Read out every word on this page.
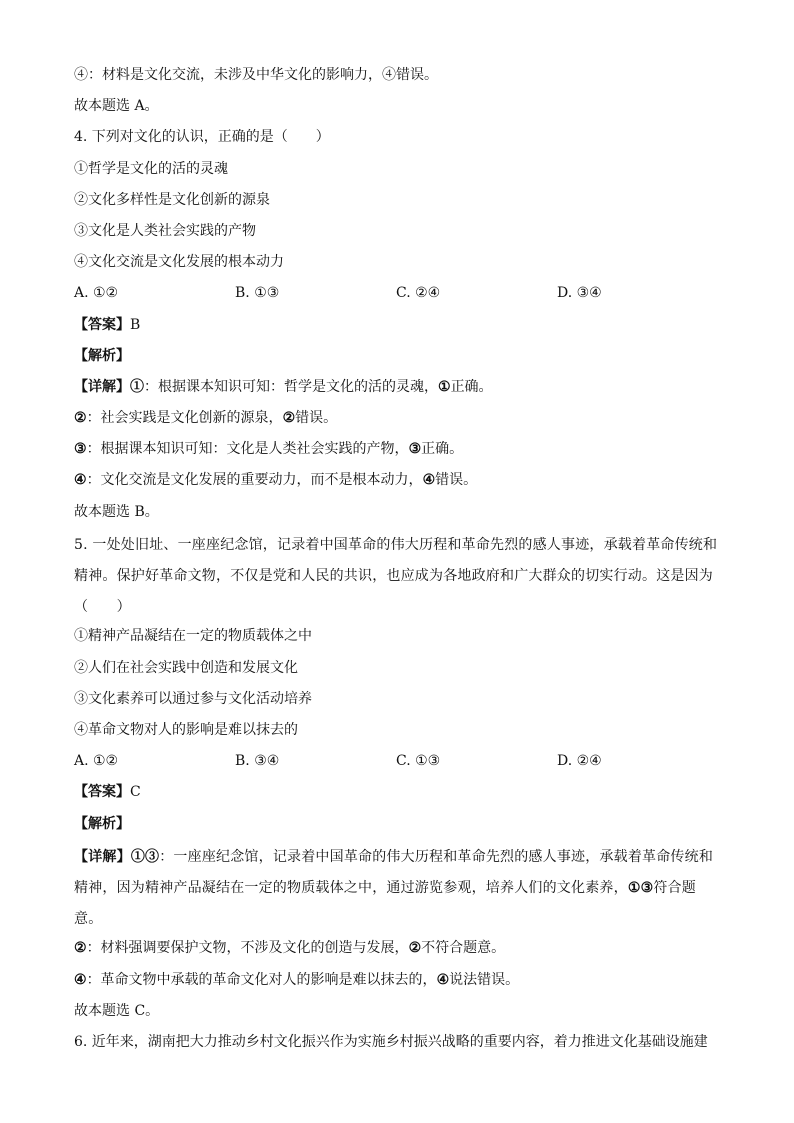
④：材料是文化交流，未涉及中华文化的影响力，④错误。
故本题选 A。
4. 下列对文化的认识，正确的是（　　）
①哲学是文化的活的灵魂
②文化多样性是文化创新的源泉
③文化是人类社会实践的产物
④文化交流是文化发展的根本动力
A. ①②	B. ①③	C. ②④	D. ③④
【答案】B
【解析】
【详解】①：根据课本知识可知：哲学是文化的活的灵魂，①正确。
②：社会实践是文化创新的源泉，②错误。
③：根据课本知识可知：文化是人类社会实践的产物，③正确。
④：文化交流是文化发展的重要动力，而不是根本动力，④错误。
故本题选 B。
5. 一处处旧址、一座座纪念馆，记录着中国革命的伟大历程和革命先烈的感人事迹，承载着革命传统和精神。保护好革命文物，不仅是党和人民的共识，也应成为各地政府和广大群众的切实行动。这是因为（　　）
①精神产品凝结在一定的物质载体之中
②人们在社会实践中创造和发展文化
③文化素养可以通过参与文化活动培养
④革命文物对人的影响是难以抹去的
A. ①②	B. ③④	C. ①③	D. ②④
【答案】C
【解析】
【详解】①③：一座座纪念馆，记录着中国革命的伟大历程和革命先烈的感人事迹，承载着革命传统和精神，因为精神产品凝结在一定的物质载体之中，通过游览参观，培养人们的文化素养，①③符合题意。
②：材料强调要保护文物，不涉及文化的创造与发展，②不符合题意。
④：革命文物中承载的革命文化对人的影响是难以抹去的，④说法错误。
故本题选 C。
6. 近年来，湖南把大力推动乡村文化振兴作为实施乡村振兴战略的重要内容，着力推进文化基础设施建
